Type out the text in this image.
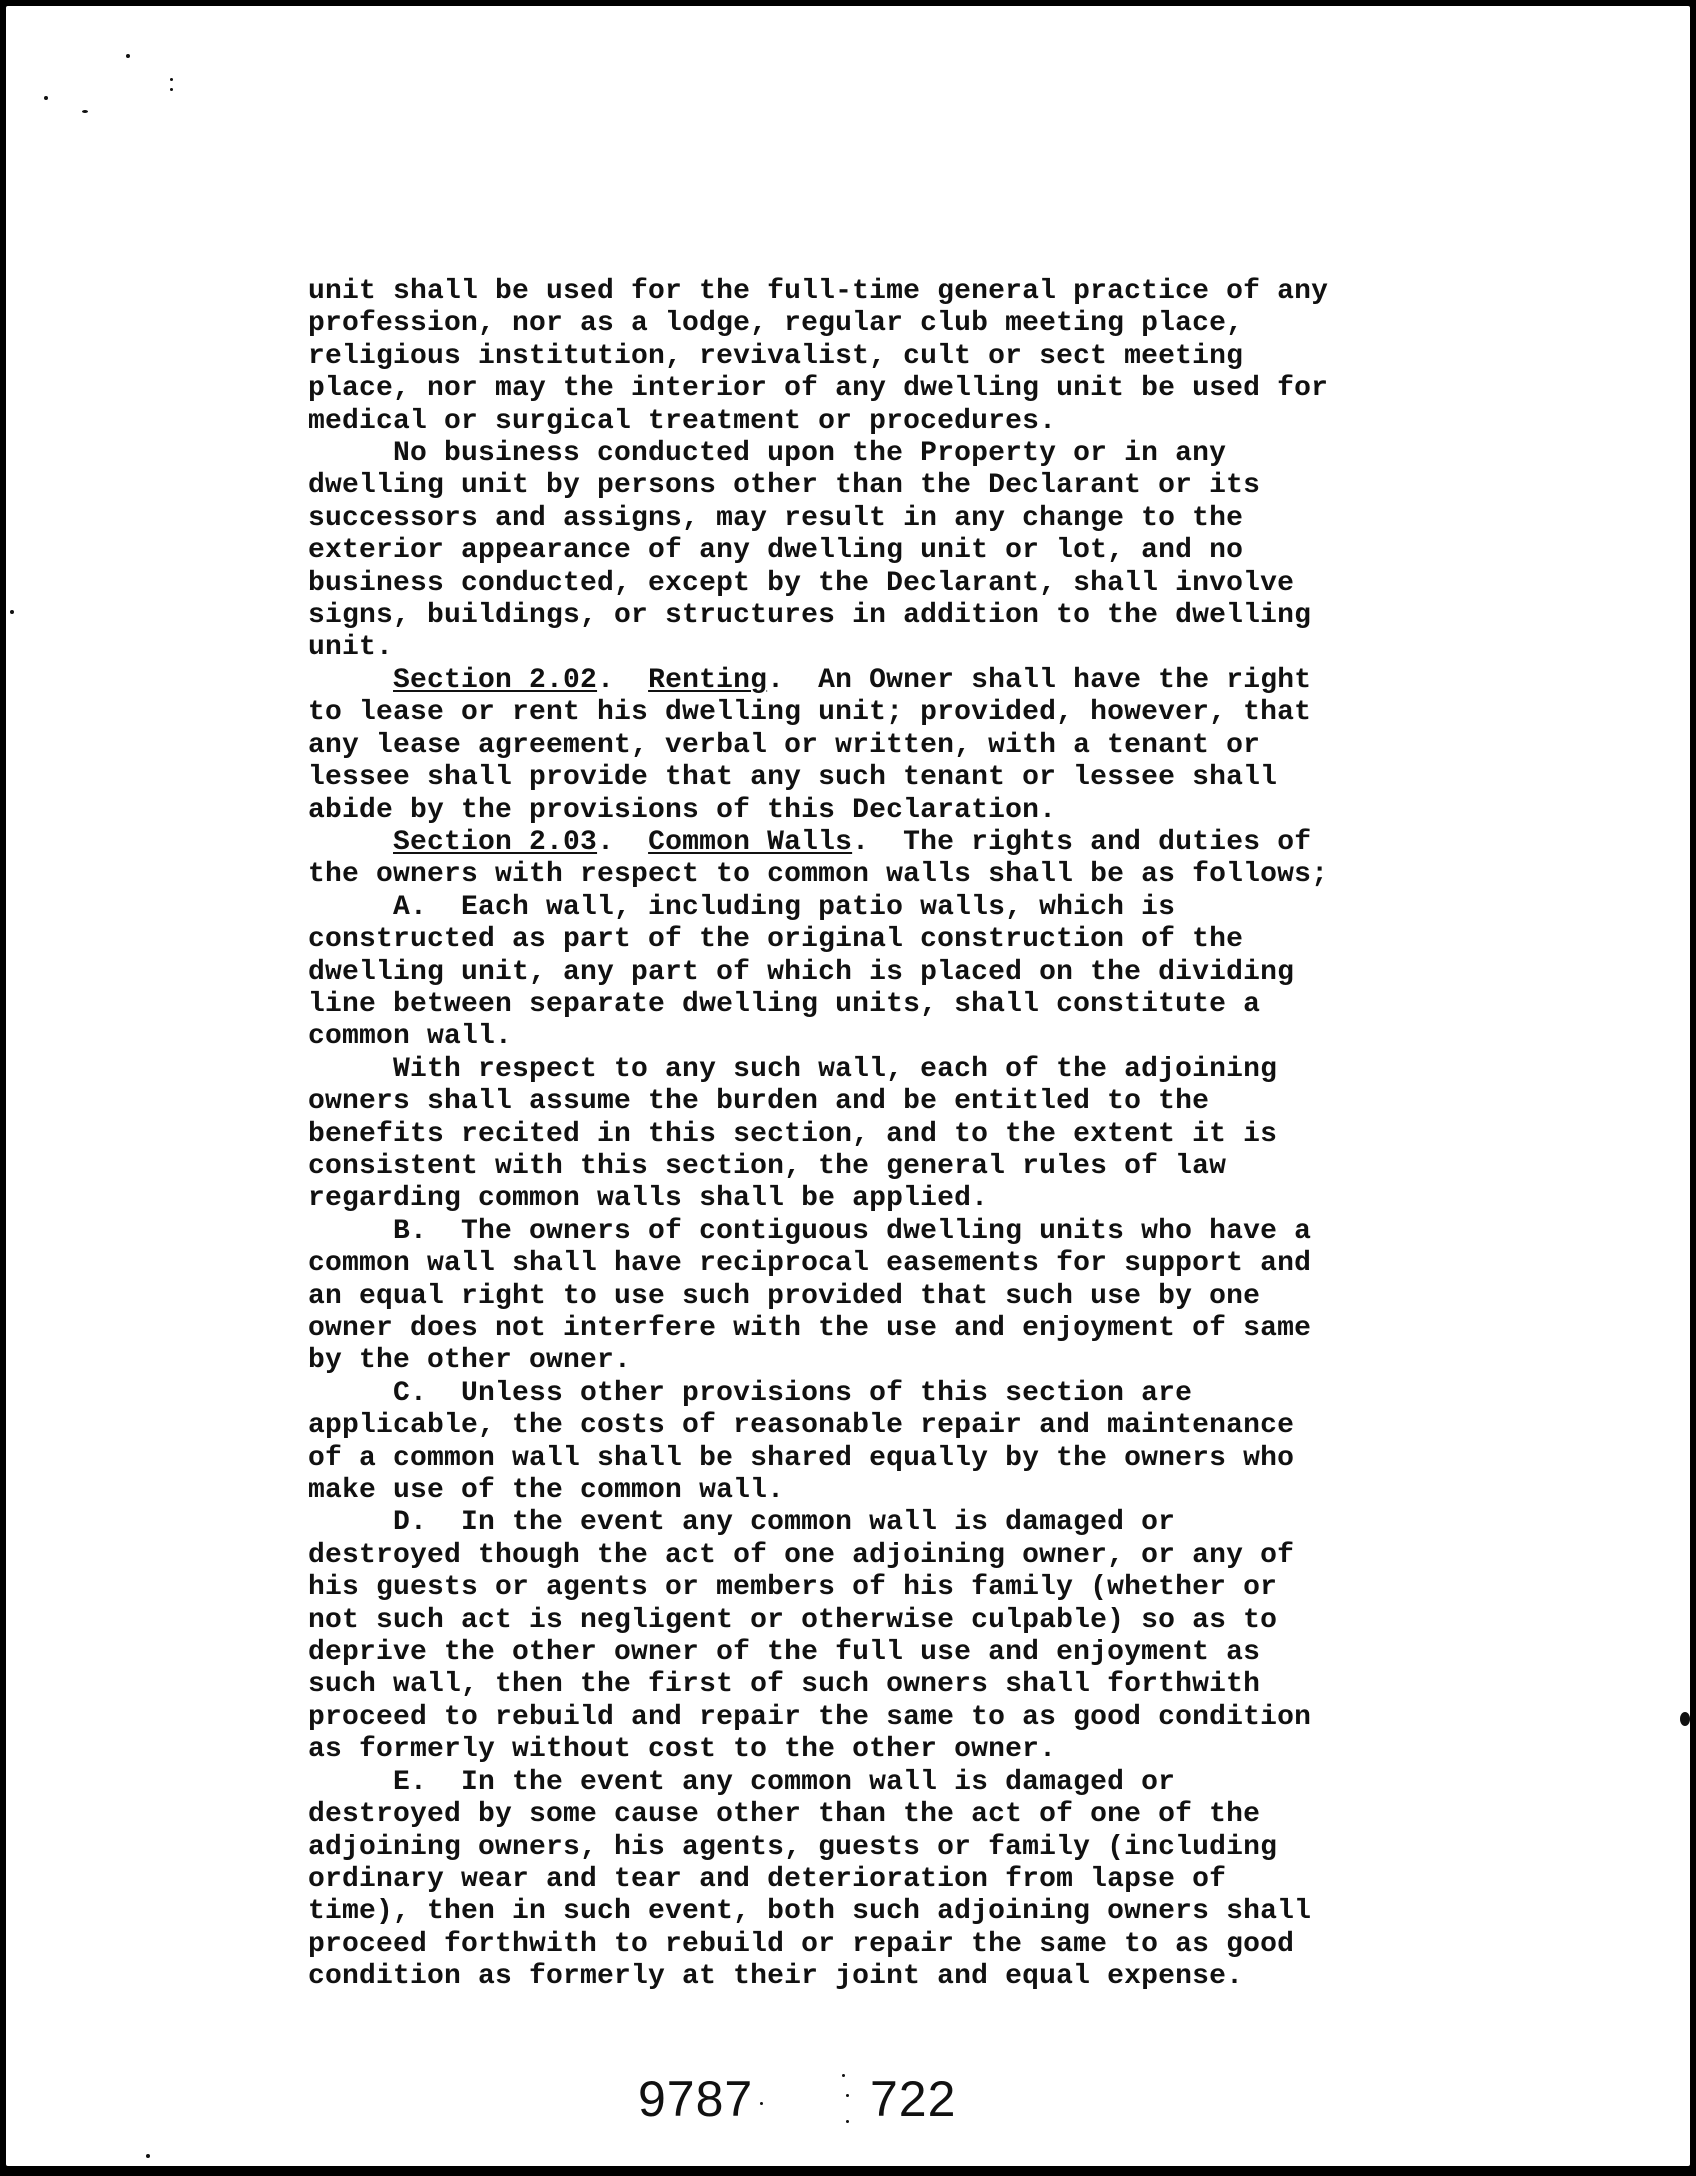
unit shall be used for the full-time general practice of any
profession, nor as a lodge, regular club meeting place,
religious institution, revivalist, cult or sect meeting
place, nor may the interior of any dwelling unit be used for
medical or surgical treatment or procedures.
No business conducted upon the Property or in any
dwelling unit by persons other than the Declarant or its
successors and assigns, may result in any change to the
exterior appearance of any dwelling unit or lot, and no
business conducted, except by the Declarant, shall involve
signs, buildings, or structures in addition to the dwelling
unit.
Section 2.02.  Renting.  An Owner shall have the right
to lease or rent his dwelling unit; provided, however, that
any lease agreement, verbal or written, with a tenant or
lessee shall provide that any such tenant or lessee shall
abide by the provisions of this Declaration.
Section 2.03.  Common Walls.  The rights and duties of
the owners with respect to common walls shall be as follows;
A.  Each wall, including patio walls, which is
constructed as part of the original construction of the
dwelling unit, any part of which is placed on the dividing
line between separate dwelling units, shall constitute a
common wall.
With respect to any such wall, each of the adjoining
owners shall assume the burden and be entitled to the
benefits recited in this section, and to the extent it is
consistent with this section, the general rules of law
regarding common walls shall be applied.
B.  The owners of contiguous dwelling units who have a
common wall shall have reciprocal easements for support and
an equal right to use such provided that such use by one
owner does not interfere with the use and enjoyment of same
by the other owner.
C.  Unless other provisions of this section are
applicable, the costs of reasonable repair and maintenance
of a common wall shall be shared equally by the owners who
make use of the common wall.
D.  In the event any common wall is damaged or
destroyed though the act of one adjoining owner, or any of
his guests or agents or members of his family (whether or
not such act is negligent or otherwise culpable) so as to
deprive the other owner of the full use and enjoyment as
such wall, then the first of such owners shall forthwith
proceed to rebuild and repair the same to as good condition
as formerly without cost to the other owner.
E.  In the event any common wall is damaged or
destroyed by some cause other than the act of one of the
adjoining owners, his agents, guests or family (including
ordinary wear and tear and deterioration from lapse of
time), then in such event, both such adjoining owners shall
proceed forthwith to rebuild or repair the same to as good
condition as formerly at their joint and equal expense.
9787 722
